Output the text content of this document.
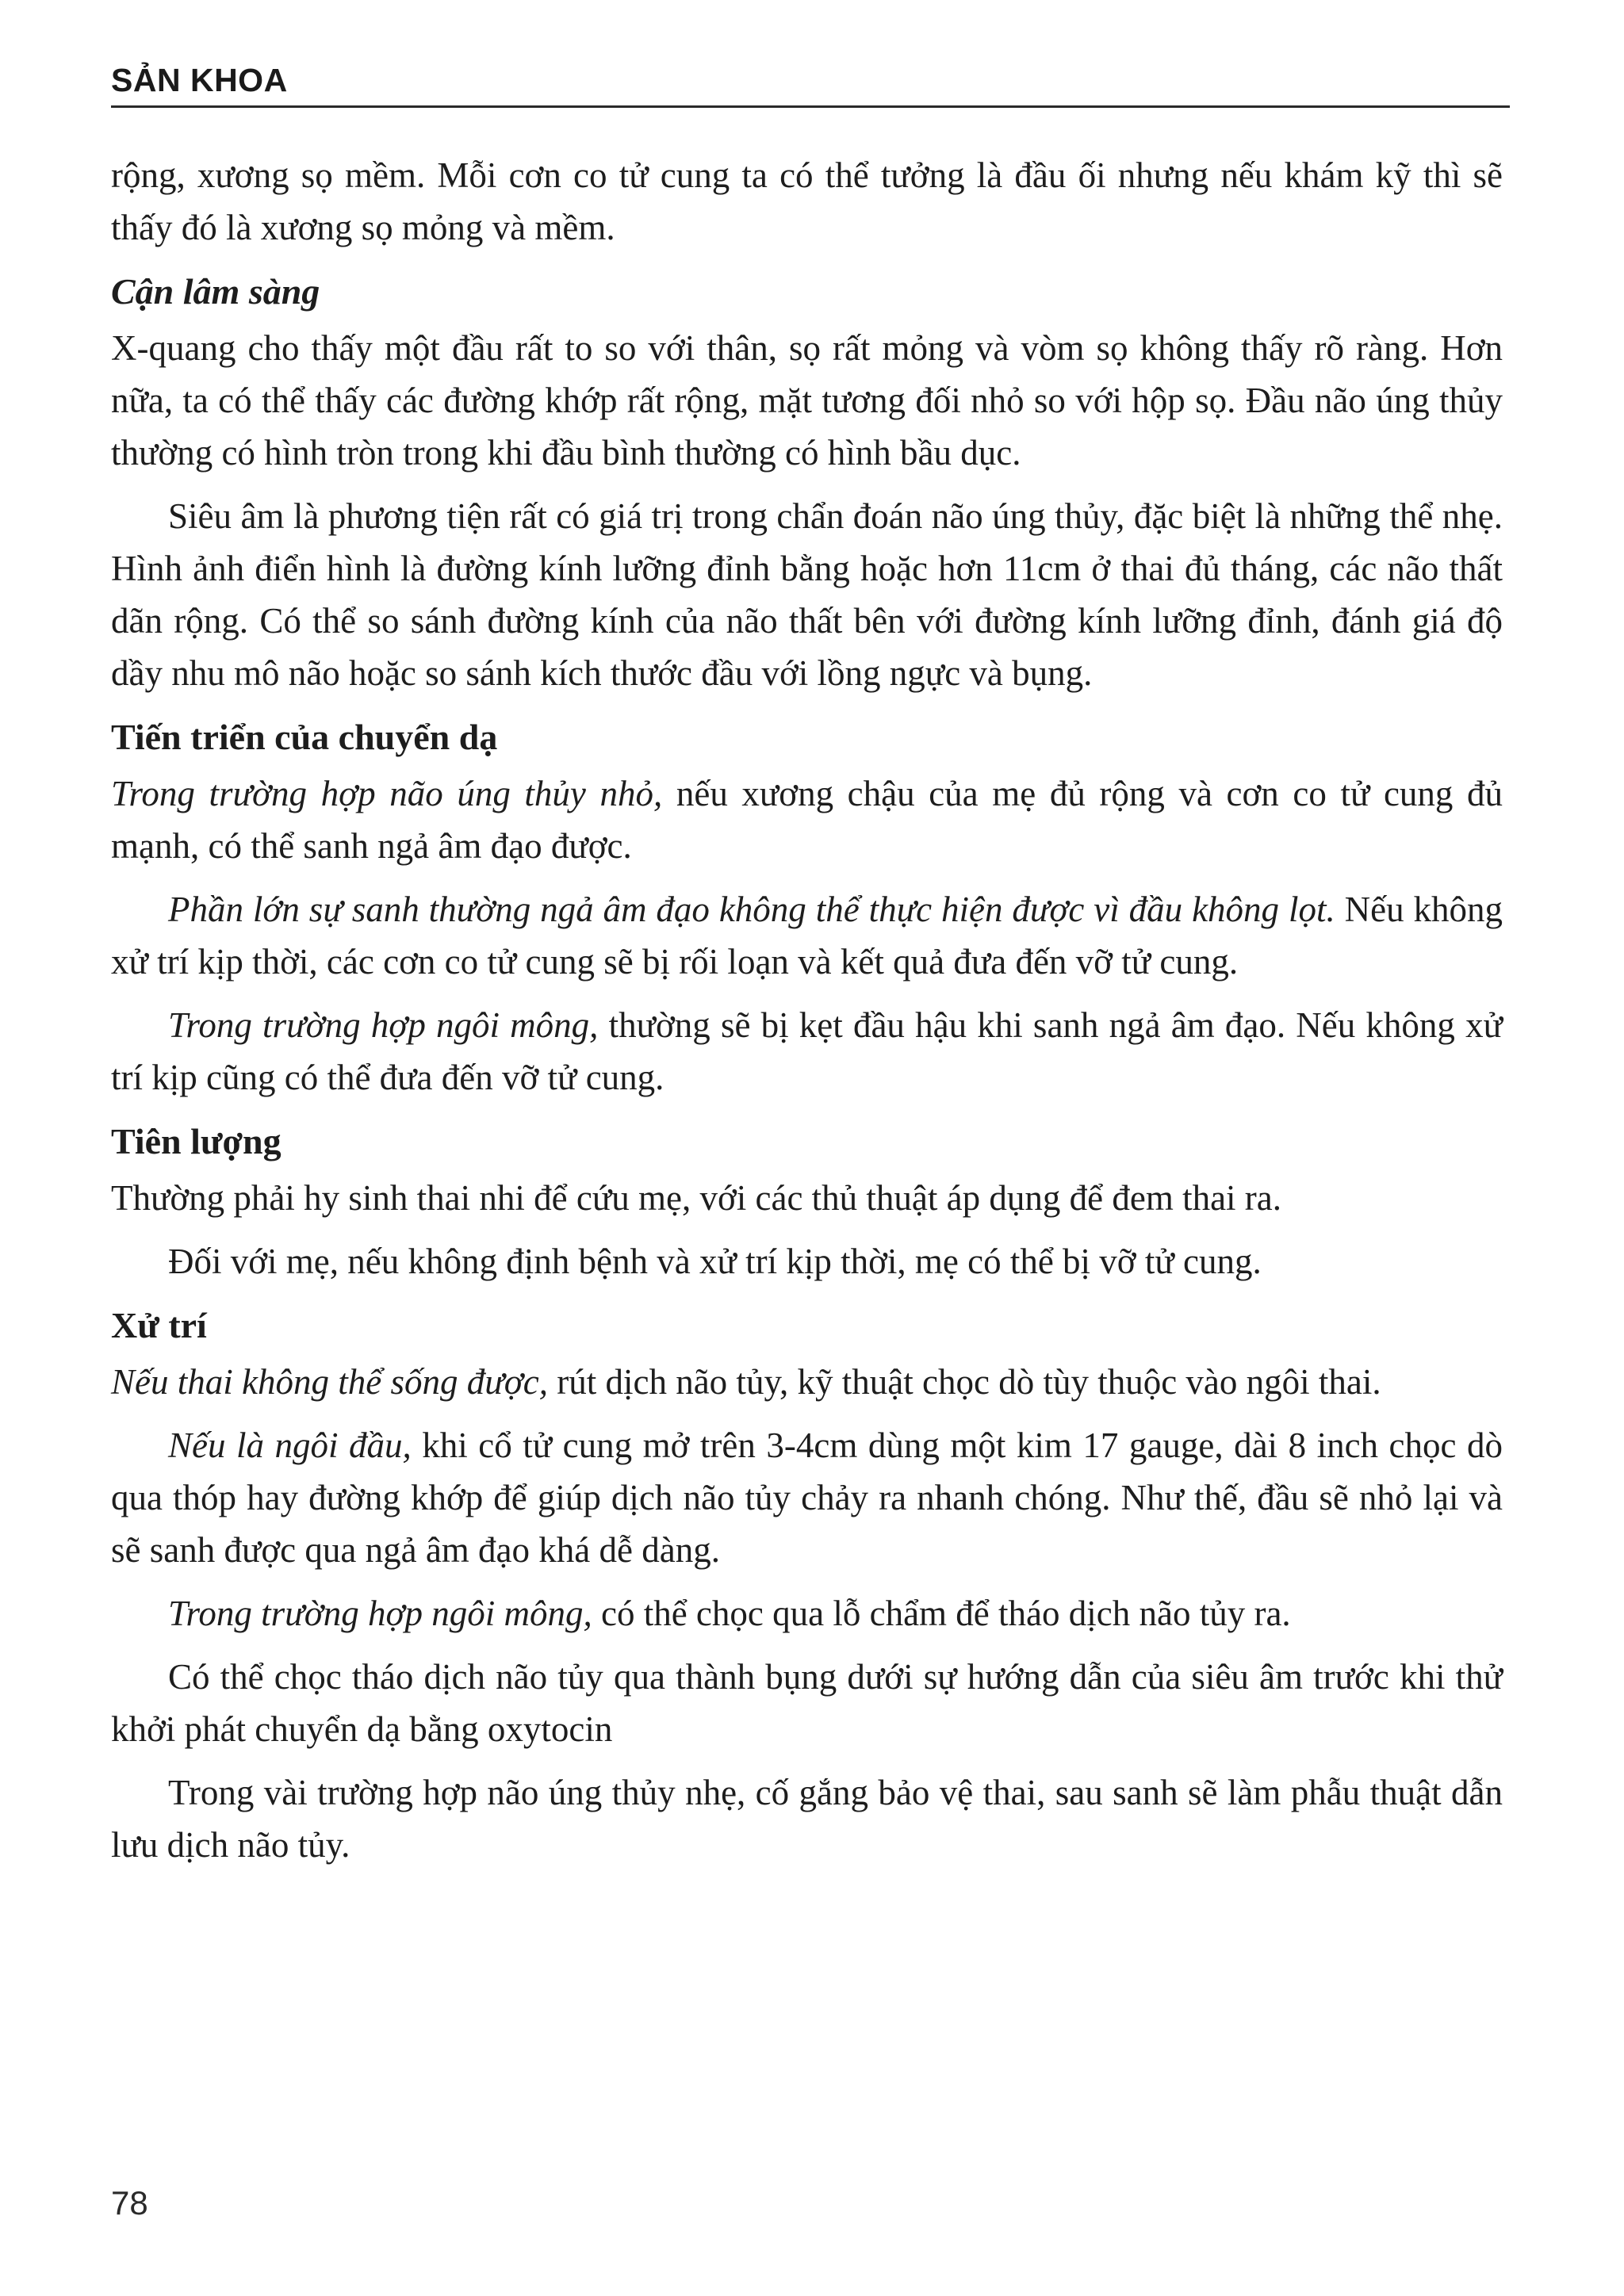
SẢN KHOA

rộng, xương sọ mềm. Mỗi cơn co tử cung ta có thể tưởng là đầu ối nhưng nếu khám kỹ thì sẽ thấy đó là xương sọ mỏng và mềm.

Cận lâm sàng

X-quang cho thấy một đầu rất to so với thân, sọ rất mỏng và vòm sọ không thấy rõ ràng. Hơn nữa, ta có thể thấy các đường khớp rất rộng, mặt tương đối nhỏ so với hộp sọ. Đầu não úng thủy thường có hình tròn trong khi đầu bình thường có hình bầu dục.

Siêu âm là phương tiện rất có giá trị trong chẩn đoán não úng thủy, đặc biệt là những thể nhẹ. Hình ảnh điển hình là đường kính lưỡng đỉnh bằng hoặc hơn 11cm ở thai đủ tháng, các não thất dãn rộng. Có thể so sánh đường kính của não thất bên với đường kính lưỡng đỉnh, đánh giá độ dầy nhu mô não hoặc so sánh kích thước đầu với lồng ngực và bụng.

Tiến triển của chuyển dạ

Trong trường hợp não úng thủy nhỏ, nếu xương chậu của mẹ đủ rộng và cơn co tử cung đủ mạnh, có thể sanh ngả âm đạo được.

Phần lớn sự sanh thường ngả âm đạo không thể thực hiện được vì đầu không lọt. Nếu không xử trí kịp thời, các cơn co tử cung sẽ bị rối loạn và kết quả đưa đến vỡ tử cung.

Trong trường hợp ngôi mông, thường sẽ bị kẹt đầu hậu khi sanh ngả âm đạo. Nếu không xử trí kịp cũng có thể đưa đến vỡ tử cung.

Tiên lượng

Thường phải hy sinh thai nhi để cứu mẹ, với các thủ thuật áp dụng để đem thai ra.

Đối với mẹ, nếu không định bệnh và xử trí kịp thời, mẹ có thể bị vỡ tử cung.

Xử trí

Nếu thai không thể sống được, rút dịch não tủy, kỹ thuật chọc dò tùy thuộc vào ngôi thai.

Nếu là ngôi đầu, khi cổ tử cung mở trên 3-4cm dùng một kim 17 gauge, dài 8 inch chọc dò qua thóp hay đường khớp để giúp dịch não tủy chảy ra nhanh chóng. Như thế, đầu sẽ nhỏ lại và sẽ sanh được qua ngả âm đạo khá dễ dàng.

Trong trường hợp ngôi mông, có thể chọc qua lỗ chẩm để tháo dịch não tủy ra.

Có thể chọc tháo dịch não tủy qua thành bụng dưới sự hướng dẫn của siêu âm trước khi thử khởi phát chuyển dạ bằng oxytocin

Trong vài trường hợp não úng thủy nhẹ, cố gắng bảo vệ thai, sau sanh sẽ làm phẫu thuật dẫn lưu dịch não tủy.

78
